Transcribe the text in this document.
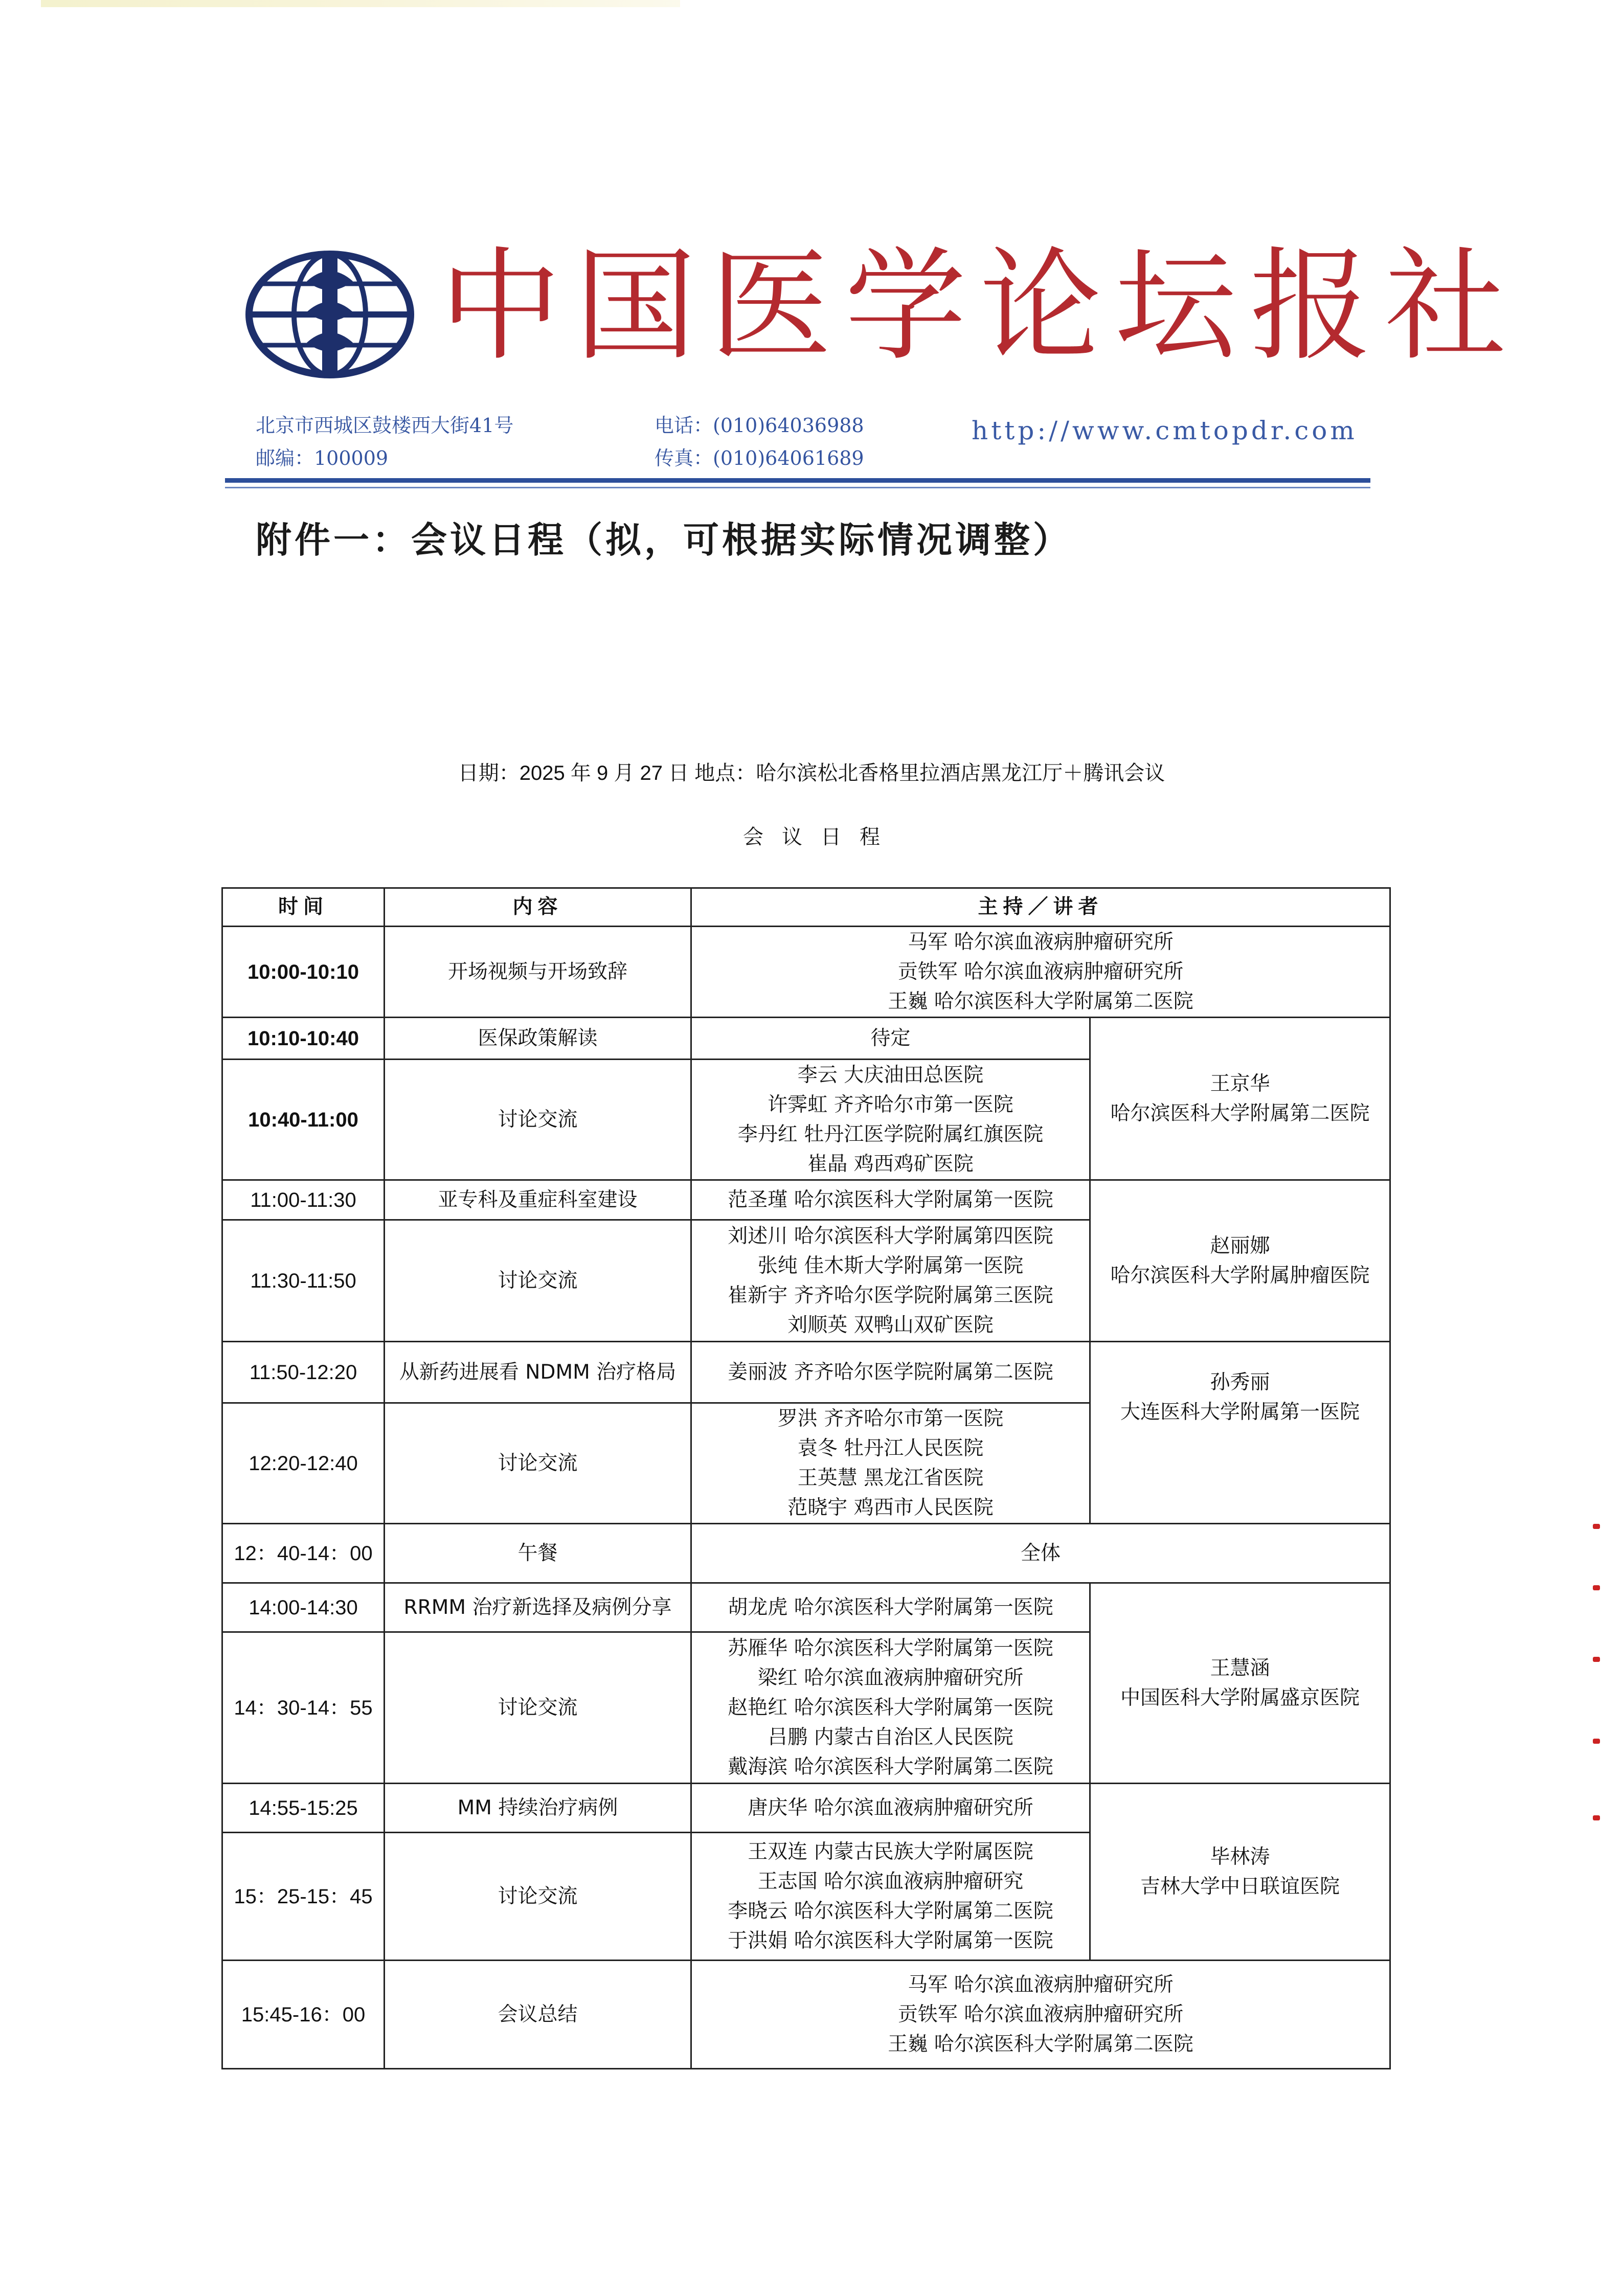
中国医学论坛报社
北京市西城区鼓楼西大街41号
邮编：100009
电话：(010)64036988
传真：(010)64061689
http://www.cmtopdr.com
附件一：会议日程（拟，可根据实际情况调整）
日期：2025 年 9 月 27 日 地点：哈尔滨松北香格里拉酒店黑龙江厅＋腾讯会议
会议日程
时间	内容	主持／讲者	
10:00-10:10	开场视频与开场致辞	马军 哈尔滨血液病肿瘤研究所
贡铁军 哈尔滨血液病肿瘤研究所
王巍 哈尔滨医科大学附属第二医院	

10:10-10:40	医保政策解读	待定	王京华
哈尔滨医科大学附属第二医院

10:40-11:00	讨论交流	李云 大庆油田总医院
许霁虹 齐齐哈尔市第一医院
李丹红 牡丹江医学院附属红旗医院
崔晶 鸡西鸡矿医院	

11:00-11:30	亚专科及重症科室建设	范圣瑾 哈尔滨医科大学附属第一医院	赵丽娜
哈尔滨医科大学附属肿瘤医院

11:30-11:50	讨论交流	刘述川 哈尔滨医科大学附属第四医院
张纯 佳木斯大学附属第一医院
崔新宇 齐齐哈尔医学院附属第三医院
刘顺英 双鸭山双矿医院	

11:50-12:20	从新药进展看 NDMM 治疗格局	姜丽波 齐齐哈尔医学院附属第二医院	孙秀丽
大连医科大学附属第一医院

12:20-12:40	讨论交流	罗洪 齐齐哈尔市第一医院
袁冬 牡丹江人民医院
王英慧 黑龙江省医院
范晓宇 鸡西市人民医院	

12：40-14：00	午餐	全体	
14:00-14:30	RRMM 治疗新选择及病例分享	胡龙虎 哈尔滨医科大学附属第一医院	王慧涵
中国医科大学附属盛京医院

14：30-14：55	讨论交流	苏雁华 哈尔滨医科大学附属第一医院
梁红 哈尔滨血液病肿瘤研究所
赵艳红 哈尔滨医科大学附属第一医院
吕鹏 内蒙古自治区人民医院
戴海滨 哈尔滨医科大学附属第二医院	

14:55-15:25	MM 持续治疗病例	唐庆华 哈尔滨血液病肿瘤研究所	毕林涛
吉林大学中日联谊医院

15：25-15：45	讨论交流	王双连 内蒙古民族大学附属医院
王志国 哈尔滨血液病肿瘤研究
李晓云 哈尔滨医科大学附属第二医院
于洪娟 哈尔滨医科大学附属第一医院	

15:45-16：00	会议总结	马军 哈尔滨血液病肿瘤研究所
贡铁军 哈尔滨血液病肿瘤研究所
王巍 哈尔滨医科大学附属第二医院	
